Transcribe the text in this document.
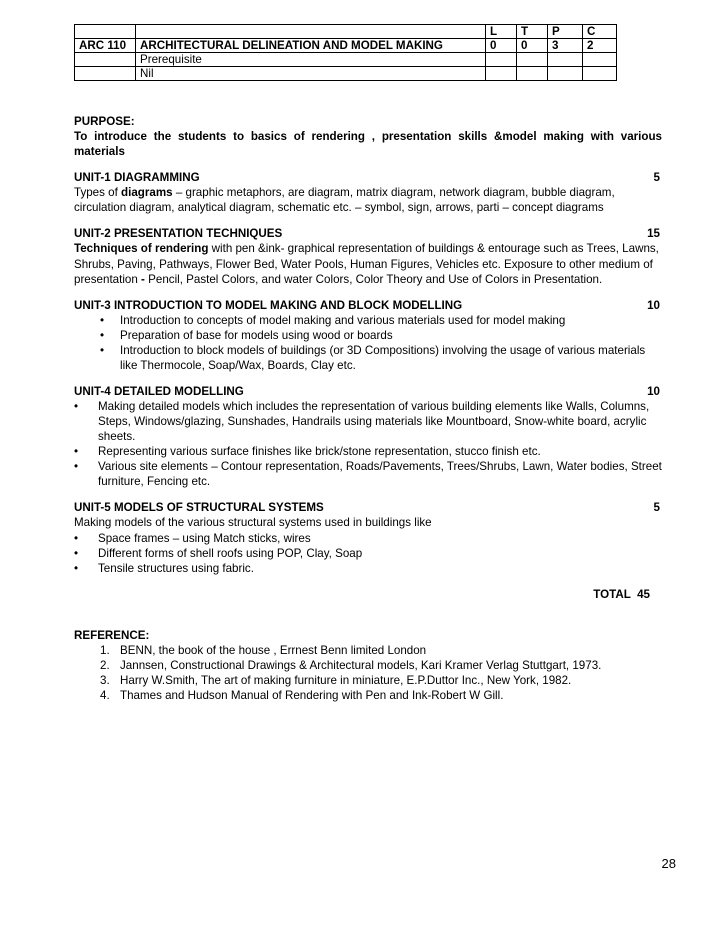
		L	T	P	C
ARC 110	ARCHITECTURAL DELINEATION AND MODEL MAKING	0	0	3	2
	Prerequisite				
	Nil				
PURPOSE:

To introduce the students to basics of rendering , presentation skills &model making with various materials

UNIT-1 DIAGRAMMING	5

Types of diagrams – graphic metaphors, are diagram, matrix diagram, network diagram, bubble diagram, circulation diagram, analytical diagram, schematic etc. – symbol, sign, arrows, parti – concept diagrams

UNIT-2 PRESENTATION TECHNIQUES	15

Techniques of rendering with pen &ink- graphical representation of buildings & entourage such as Trees, Lawns, Shrubs, Paving, Pathways, Flower Bed, Water Pools, Human Figures, Vehicles etc. Exposure to other medium of presentation - Pencil, Pastel Colors, and water Colors, Color Theory and Use of Colors in Presentation.

UNIT-3 INTRODUCTION TO MODEL MAKING AND BLOCK MODELLING	10
• Introduction to concepts of model making and various materials used for model making
• Preparation of base for models using wood or boards
• Introduction to block models of buildings (or 3D Compositions) involving the usage of various materials like Thermocole, Soap/Wax, Boards, Clay etc.
UNIT-4 DETAILED MODELLING	10
• Making detailed models which includes the representation of various building elements like Walls, Columns, Steps, Windows/glazing, Sunshades, Handrails using materials like Mountboard, Snow-white board, acrylic sheets.
• Representing various surface finishes like brick/stone representation, stucco finish etc.
• Various site elements – Contour representation, Roads/Pavements, Trees/Shrubs, Lawn, Water bodies, Street furniture, Fencing etc.
UNIT-5 MODELS OF STRUCTURAL SYSTEMS	5

Making models of the various structural systems used in buildings like

• Space frames – using Match sticks, wires
• Different forms of shell roofs using POP, Clay, Soap
• Tensile structures using fabric.
TOTAL  45
REFERENCE:
1. BENN, the book of the house , Errnest Benn limited London
2. Jannsen, Constructional Drawings & Architectural models, Kari Kramer Verlag Stuttgart, 1973.
3. Harry W.Smith, The art of making furniture in miniature, E.P.Duttor Inc., New York, 1982.
4. Thames and Hudson Manual of Rendering with Pen and Ink-Robert W Gill.
28
